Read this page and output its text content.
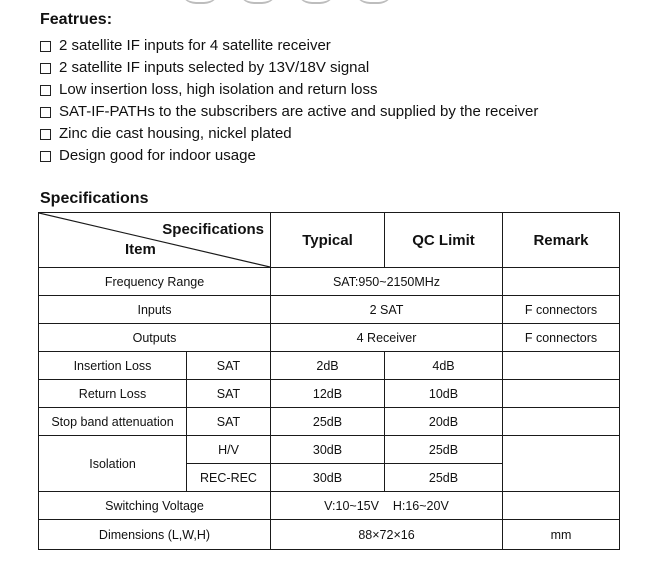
Featrues:
2 satellite IF inputs for 4 satellite receiver
2 satellite IF inputs selected by 13V/18V signal
Low insertion loss, high isolation and return loss
SAT-IF-PATHs to the subscribers are active and supplied by the receiver
Zinc die cast housing, nickel plated
Design good for indoor usage
Specifications
Specifications
Item		Typical	QC Limit	Remark
Frequency Range		SAT:950~2150MHz		
Inputs		2 SAT		F connectors
Outputs		4 Receiver		F connectors
Insertion Loss	SAT	2dB	4dB	
Return Loss	SAT	12dB	10dB	
Stop band attenuation	SAT	25dB	20dB	
Isolation	H/V	30dB	25dB	
	REC-REC	30dB	25dB	
Switching Voltage		V:10~15V    H:16~20V		
Dimensions (L,W,H)		88×72×16		mm
